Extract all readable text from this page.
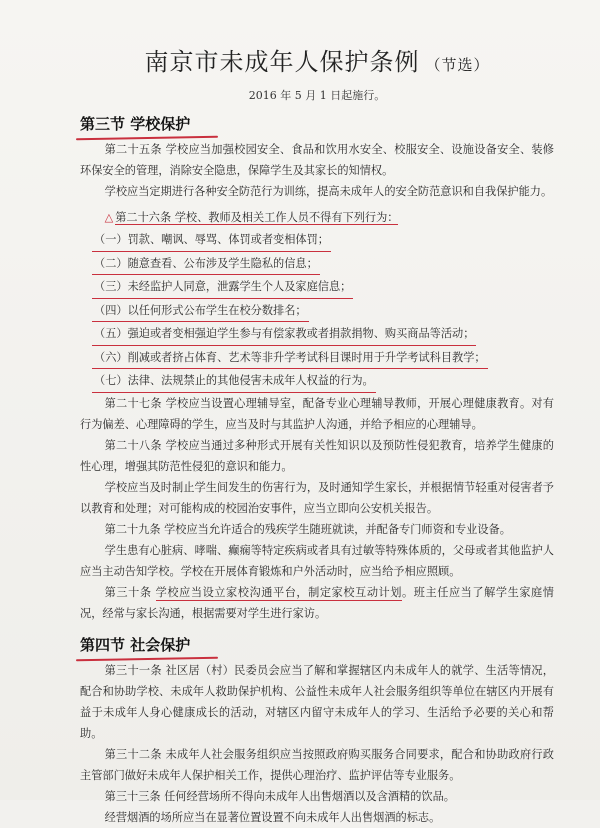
南京市未成年人保护条例 （节选）
2016 年 5 月 1 日起施行。
第三节 学校保护

第二十五条 学校应当加强校园安全、食品和饮用水安全、校服安全、设施设备安全、装修环保安全的管理，消除安全隐患，保障学生及其家长的知情权。

学校应当定期进行各种安全防范行为训练，提高未成年人的安全防范意识和自我保护能力。

△ 第二十六条 学校、教师及相关工作人员不得有下列行为：

（一）罚款、嘲讽、辱骂、体罚或者变相体罚；
（二）随意查看、公布涉及学生隐私的信息；
（三）未经监护人同意，泄露学生个人及家庭信息；
（四）以任何形式公布学生在校分数排名；
（五）强迫或者变相强迫学生参与有偿家教或者捐款捐物、购买商品等活动；
（六）削减或者挤占体育、艺术等非升学考试科目课时用于升学考试科目教学；
（七）法律、法规禁止的其他侵害未成年人权益的行为。

第二十七条 学校应当设置心理辅导室，配备专业心理辅导教师，开展心理健康教育。对有行为偏差、心理障碍的学生，应当及时与其监护人沟通，并给予相应的心理辅导。

第二十八条 学校应当通过多种形式开展有关性知识以及预防性侵犯教育，培养学生健康的性心理，增强其防范性侵犯的意识和能力。

学校应当及时制止学生间发生的伤害行为，及时通知学生家长，并根据情节轻重对侵害者予以教育和处理；对可能构成的校园治安事件，应当立即向公安机关报告。

第二十九条 学校应当允许适合的残疾学生随班就读，并配备专门师资和专业设备。

学生患有心脏病、哮喘、癫痫等特定疾病或者具有过敏等特殊体质的，父母或者其他监护人应当主动告知学校。学校在开展体育锻炼和户外活动时，应当给予相应照顾。

第三十条 学校应当设立家校沟通平台，制定家校互动计划。班主任应当了解学生家庭情况，经常与家长沟通，根据需要对学生进行家访。

第四节 社会保护

第三十一条 社区居（村）民委员会应当了解和掌握辖区内未成年人的就学、生活等情况，配合和协助学校、未成年人救助保护机构、公益性未成年人社会服务组织等单位在辖区内开展有益于未成年人身心健康成长的活动，对辖区内留守未成年人的学习、生活给予必要的关心和帮助。

第三十二条 未成年人社会服务组织应当按照政府购买服务合同要求，配合和协助政府行政主管部门做好未成年人保护相关工作，提供心理治疗、监护评估等专业服务。

第三十三条 任何经营场所不得向未成年人出售烟酒以及含酒精的饮品。

经营烟酒的场所应当在显著位置设置不向未成年人出售烟酒的标志。
